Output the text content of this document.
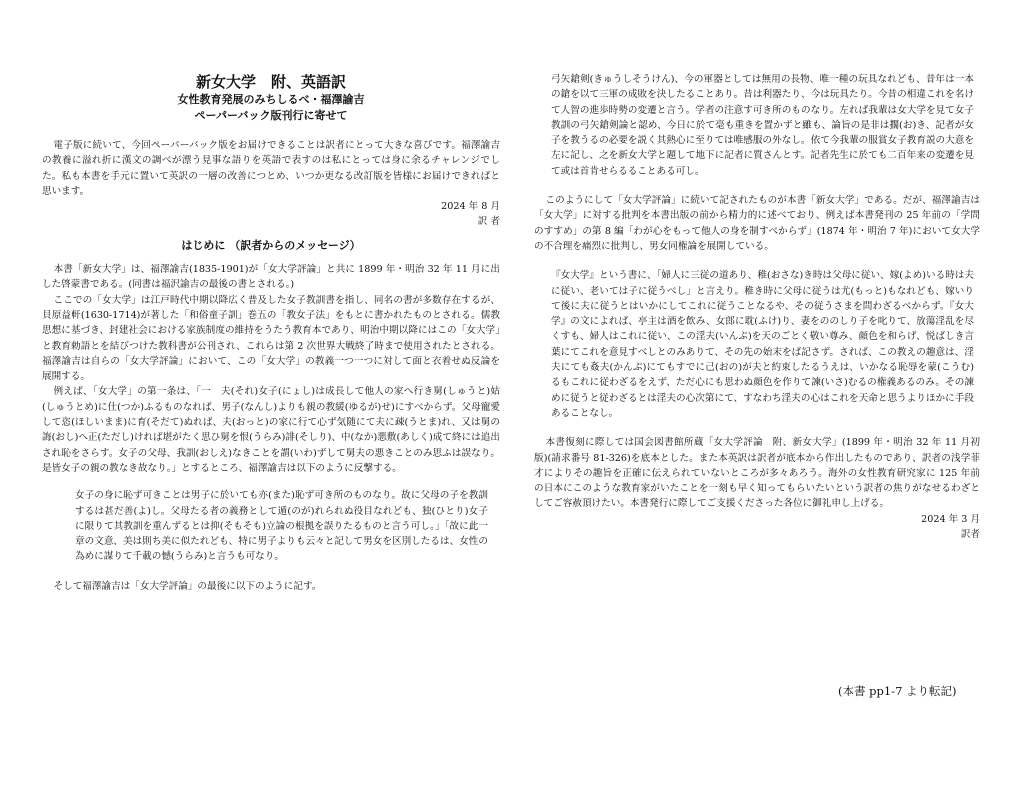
新女大学　附、英語訳
女性教育発展のみちしるべ・福澤諭吉
ペーパーバック版刊行に寄せて

電子版に続いて、今回ペーパーバック版をお届けできることは訳者にとって大きな喜びです。福澤諭吉の教養に溢れ折に漢文の調べが漂う見事な語りを英語で表すのは私にとっては身に余るチャレンジでした。私も本書を手元に置いて英訳の一層の改善につとめ、いつか更なる改訂版を皆様にお届けできればと思います。

2024 年 8 月

訳 者

はじめに （訳者からのメッセージ）

本書「新女大学」は、福澤諭吉(1835-1901)が「女大学評論」と共に 1899 年・明治 32 年 11 月に出した啓蒙書である。(同書は福沢諭吉の最後の書とされる。)

ここでの「女大学」は江戸時代中期以降広く普及した女子教訓書を指し、同名の書が多数存在するが、貝原益軒(1630-1714)が著した「和俗童子訓」巻五の「教女子法」をもとに書かれたものとされる。儒教思想に基づき、封建社会における家族制度の維持をうたう教育本であり、明治中期以降にはこの「女大学」と教育勅語とを結びつけた教科書が公刊され、これらは第 2 次世界大戦終了時まで使用されたとされる。福澤諭吉は自らの「女大学評論」において、この「女大学」の教義一つ一つに対して面と衣着せぬ反論を展開する。

例えば、「女大学」の第一条は、「一　夫(それ)女子(にょし)は成長して他人の家へ行き舅(しゅうと)姑(しゅうとめ)に仕(つか)ふるものなれば、男子(なんし)よりも親の教緩(ゆるが)せ)にすべからず。父母寵愛して恣(ほしいまま)に育(そだて)ぬれば、夫(おっと)の家に行て心ず気随にて夫に疎(うとま)れ、又は舅の誨(おし)へ正(ただし)ければ堪がたく思ひ舅を恨(うらみ)誹(そしり)、中(なか)悪敷(あしく)成て終には追出され恥をさらす。女子の父母、我訓(おしえ)なきことを謂(いわ)ずして舅夫の悪きことのみ思ふは誤なり。是皆女子の親の教なき故なり。」とするところ、福澤諭吉は以下のように反撃する。

女子の身に恥ず可きことは男子に於いても亦(また)恥ず可き所のものなり。故に父母の子を教訓するは甚だ善(よ)し。父母たる者の義務として遁(のが)れられぬ役目なれども、独(ひとり)女子に限りて其教訓を重んずるとは抑(そもそも)立論の根拠を誤りたるものと言う可し。」「故に此一章の文意、美は則ち美に似たれども、特に男子よりも云々と記して男女を区別したるは、女性の為めに謀りて千載の憾(うらみ)と言うも可なり。

そして福澤諭吉は「女大学評論」の最後に以下のように記す。

弓矢鎗剣(きゅうしそうけん)、今の軍器としては無用の長物、唯一種の玩具なれども、昔年は一本の鎗を以て三軍の成敗を決したることあり。昔は利器たり、今は玩具たり。今昔の相違これを名けて人智の進歩時勢の変遷と言う。学者の注意す可き所のものなり。左れば我輩は女大学を見て女子教訓の弓矢鎗剣論と認め、今日に於て毫も重きを置かずと雖も、論旨の是非は擱(お)き、記者が女子を教うるの必要を説く其熱心に至りては唯感服の外なし。依て今我輩の服賞女子教育説の大意を左に記し、之を新女大学と題して地下に記者に質さんとす。記者先生に於ても二百年来の変遷を見て或は首肯せらるることある可し。

このようにして「女大学評論」に続いて記されたものが本書「新女大学」である。だが、福澤諭吉は「女大学」に対する批判を本書出版の前から精力的に述べており、例えば本書発刊の 25 年前の「学問のすすめ」の第 8 編「わが心をもって他人の身を制すべからず」(1874 年・明治 7 年)において女大学の不合理を痛烈に批判し、男女同権論を展開している。

『女大学』という書に、「婦人に三従の道あり、稚(おさな)き時は父母に従い、嫁(よめ)いる時は夫に従い、老いては子に従うべし」と言えり。稚き時に父母に従うは尤(もっと)もなれども、嫁いりて後に夫に従うとはいかにしてこれに従うことなるや、その従うさまを問わざるべからず。『女大学』の文によれば、亭主は酒を飲み、女郎に耽(ふけ)り、妻をののしり子を叱りて、放蕩淫乱を尽くすも、婦人はこれに従い、この淫夫(いんぷ)を天のごとく敬い尊み、顔色を和らげ、悦ばしき言葉にてこれを意見すべしとのみありて、その先の始末をば記さず。されば、この教えの趣意は、淫夫にても姦夫(かんぷ)にてもすでに己(おの)が夫と約束したるうえは、いかなる恥辱を蒙(こうむ)るもこれに従わざるをえず、ただ心にも思わぬ顔色を作りて諫(いさ)むるの権義あるのみ。その諫めに従うと従わざるとは淫夫の心次第にて、すなわち淫夫の心はこれを天命と思うよりほかに手段あることなし。

本書復刻に際しては国会図書館所蔵「女大学評論　附、新女大学」(1899 年・明治 32 年 11 月初版)(請求番号 81-326)を底本とした。また本英訳は訳者が底本から作出したものであり、訳者の浅学菲才によりその趣旨を正確に伝えられていないところが多々あろう。海外の女性教育研究家に 125 年前の日本にこのような教育家がいたことを一刻も早く知ってもらいたいという訳者の焦りがなせるわざとしてご容赦頂けたい。本書発行に際してご支援くださった各位に御礼申し上げる。

2024 年 3 月

訳者

(本書 pp1-7 より転記)
